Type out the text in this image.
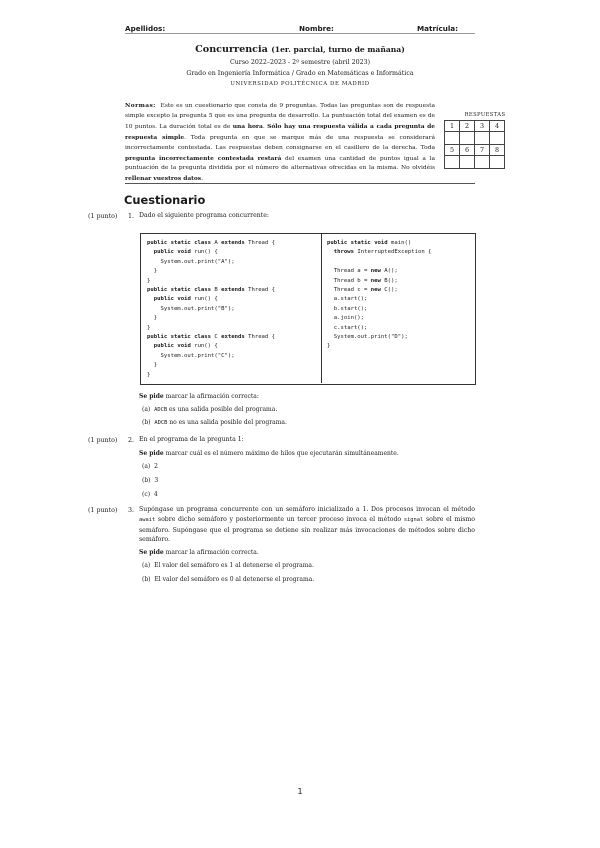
Apellidos:	Nombre:	Matrícula:
Concurrencia (1er. parcial, turno de mañana)
Curso 2022–2023 - 2º semestre (abril 2023)
Grado en Ingeniería Informática / Grado en Matemáticas e Informática
UNIVERSIDAD POLITÉCNICA DE MADRID
Normas: Este es un cuestionario que consta de 9 preguntas. Todas las preguntas son de respuesta simple excepto la pregunta 5 que es una pregunta de desarrollo. La puntuación total del examen es de 10 puntos. La duración total es de una hora. Sólo hay una respuesta válida a cada pregunta de respuesta simple. Toda pregunta en que se marque más de una respuesta se considerará incorrectamente contestada. Las respuestas deben consignarse en el casillero de la derecha. Toda pregunta incorrectamente contestada restará del examen una cantidad de puntos igual a la puntuación de la pregunta dividida por el número de alternativas ofrecidas en la misma. No olvidéis rellenar vuestros datos.
RESPUESTAS
1	2	3	4

5	6	7	8

Cuestionario
(1 punto) 1. Dado el siguiente programa concurrente:
public static class A extends Thread {
public void run() {
System.out.print("A");
}
}
public static class B extends Thread {
public void run() {
System.out.print("B");
}
}
public static class C extends Thread {
public void run() {
System.out.print("C");
}
}
public static void main()
throws InterruptedException {

Thread a = new A();
Thread b = new B();
Thread c = new C();
a.start();
b.start();
a.join();
c.start();
System.out.print("D");
}
Se pide marcar la afirmación correcta:
(a) ADCB es una salida posible del programa.
(b) ADCB no es una salida posible del programa.
(1 punto) 2. En el programa de la pregunta 1:
Se pide marcar cuál es el número máximo de hilos que ejecutarán simultáneamente.
(a) 2
(b) 3
(c) 4
(1 punto) 3. Supóngase un programa concurrente con un semáforo inicializado a 1. Dos procesos invocan el método await sobre dicho semáforo y posteriormente un tercer proceso invoca el método signal sobre el mismo semáforo. Supóngase que el programa se detiene sin realizar más invocaciones de métodos sobre dicho semáforo.
Se pide marcar la afirmación correcta.
(a) El valor del semáforo es 1 al detenerse el programa.
(b) El valor del semáforo es 0 al detenerse el programa.
1
